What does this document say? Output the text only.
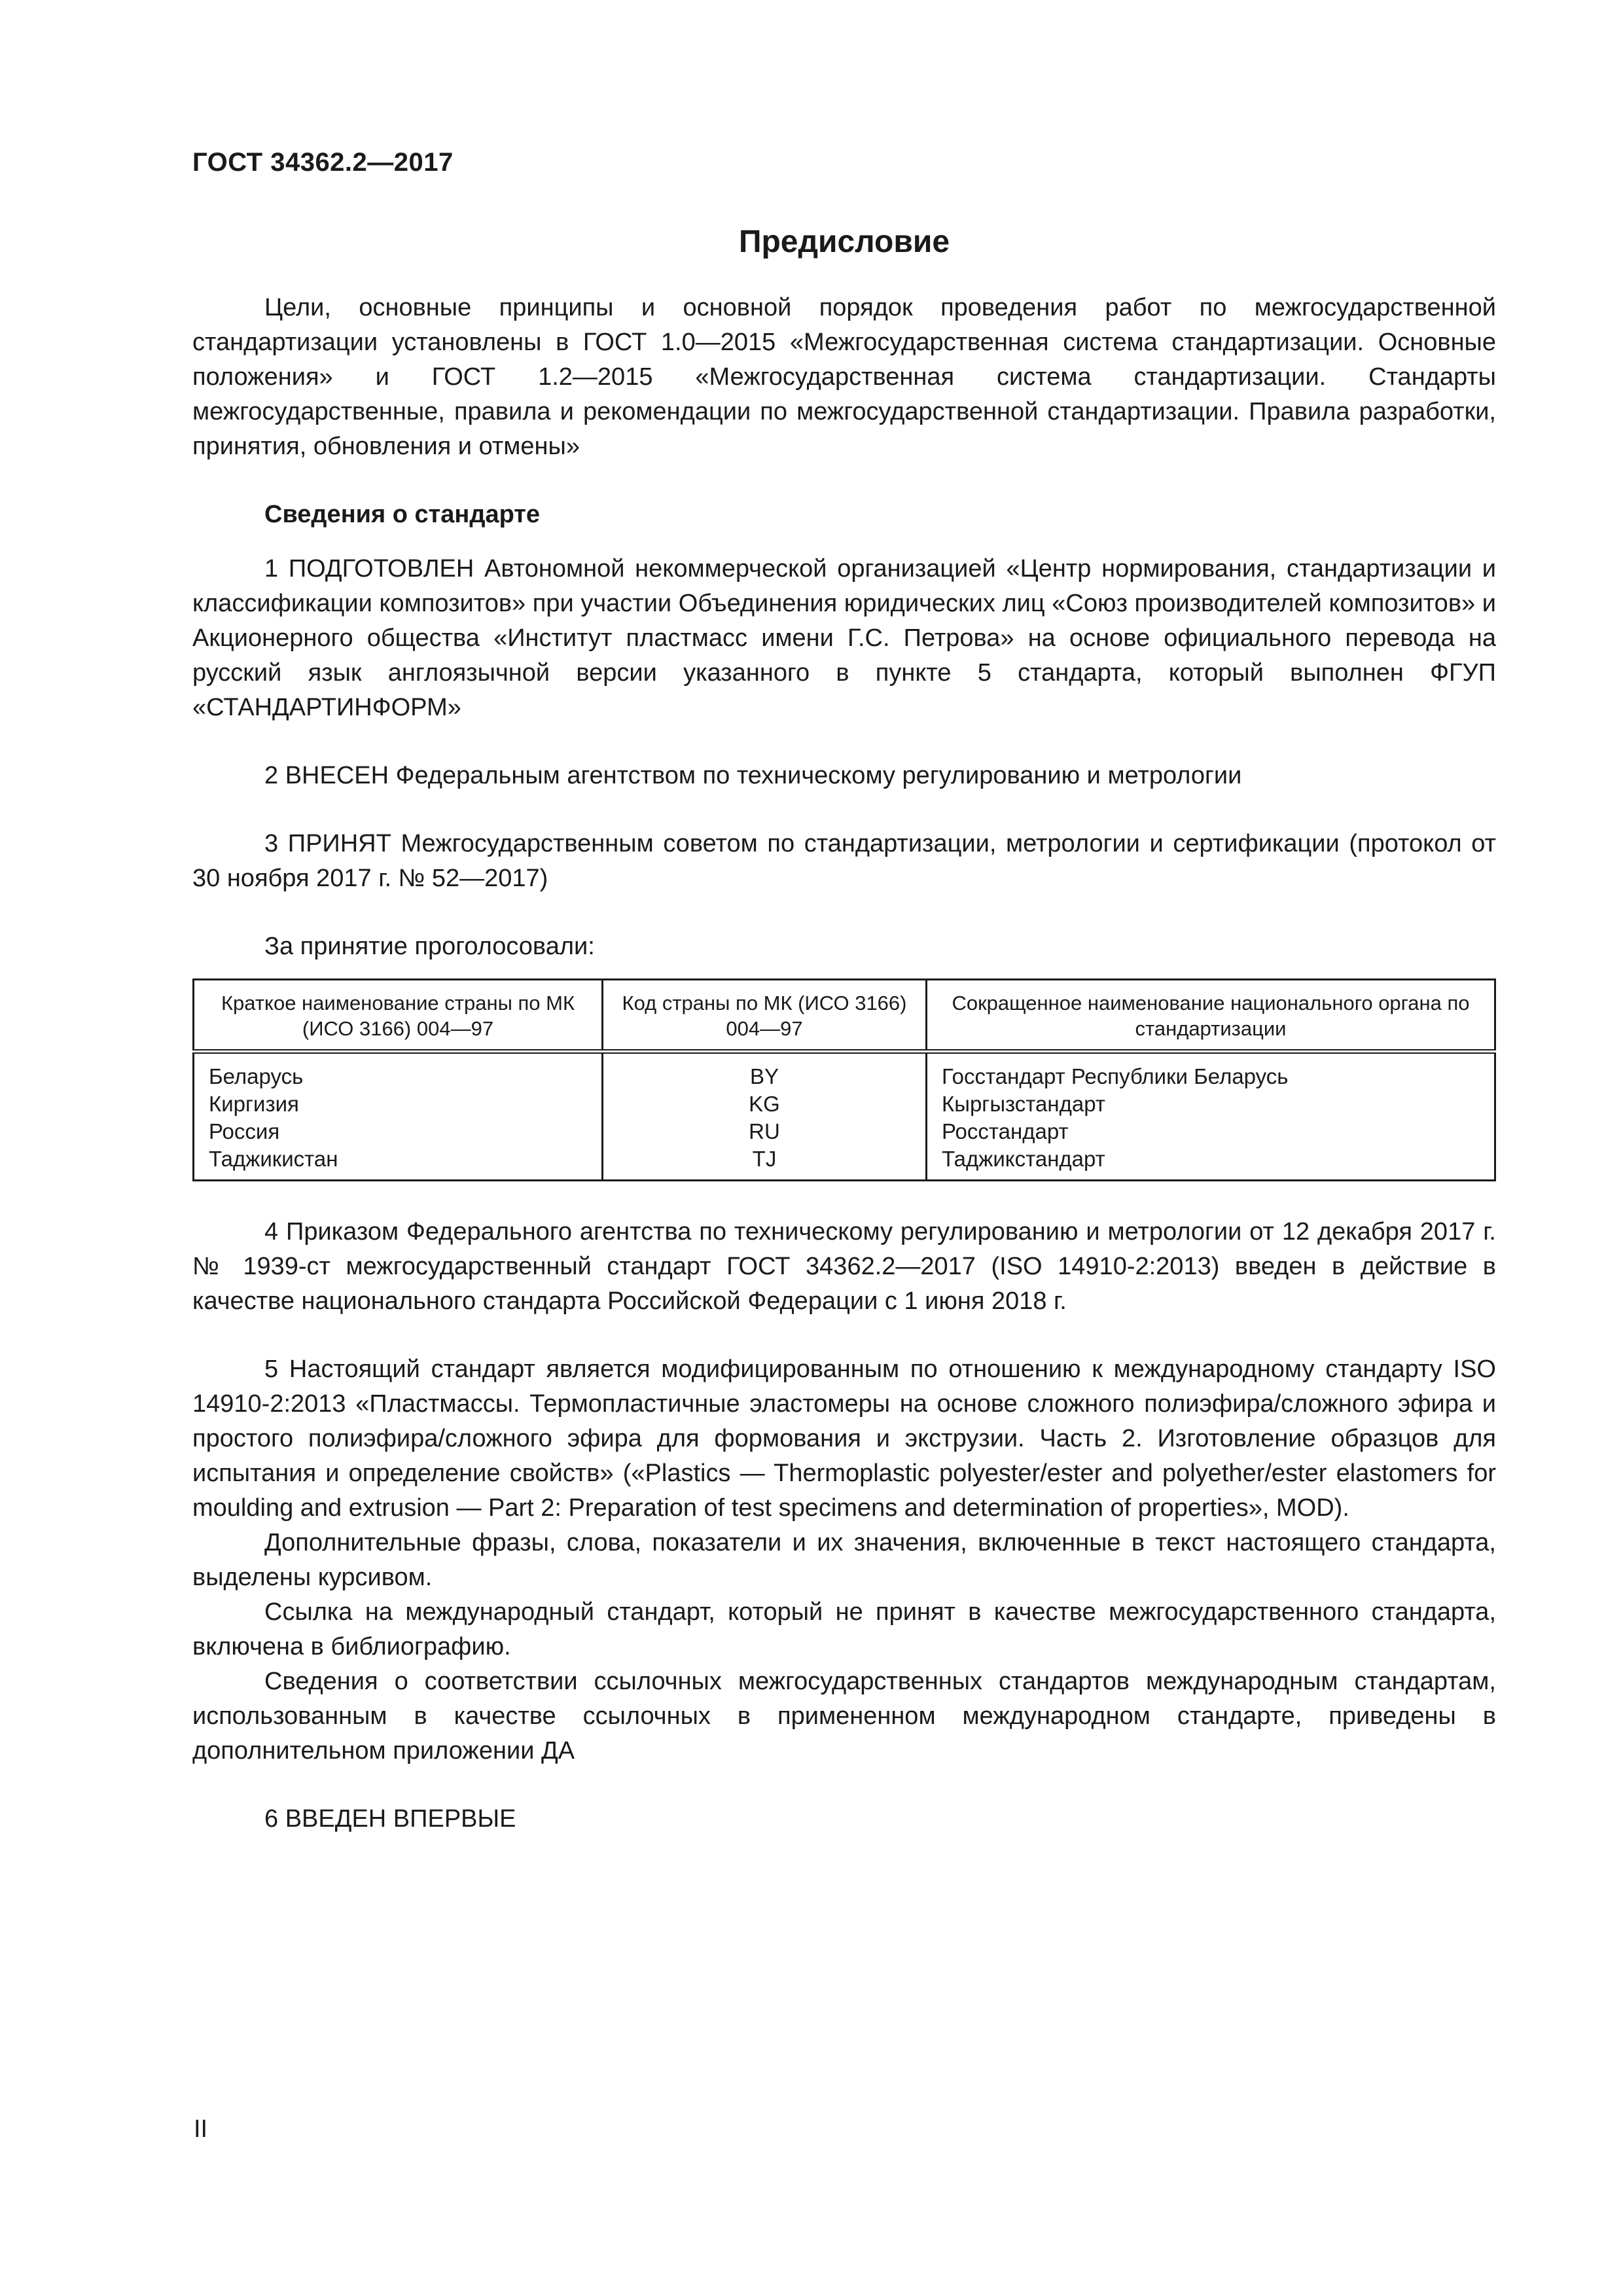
ГОСТ 34362.2—2017
Предисловие

Цели, основные принципы и основной порядок проведения работ по межгосударственной стандартизации установлены в ГОСТ 1.0—2015 «Межгосударственная система стандартизации. Основные положения» и ГОСТ 1.2—2015 «Межгосударственная система стандартизации. Стандарты межгосударственные, правила и рекомендации по межгосударственной стандартизации. Правила разработки, принятия, обновления и отмены»

Сведения о стандарте

1 ПОДГОТОВЛЕН Автономной некоммерческой организацией «Центр нормирования, стандартизации и классификации композитов» при участии Объединения юридических лиц «Союз производителей композитов» и Акционерного общества «Институт пластмасс имени Г.С. Петрова» на основе официального перевода на русский язык англоязычной версии указанного в пункте 5 стандарта, который выполнен ФГУП «СТАНДАРТИНФОРМ»

2 ВНЕСЕН Федеральным агентством по техническому регулированию и метрологии

3 ПРИНЯТ Межгосударственным советом по стандартизации, метрологии и сертификации (протокол от 30 ноября 2017 г. № 52—2017)

За принятие проголосовали:

Краткое наименование страны по МК (ИСО 3166) 004—97	Код страны по МК (ИСО 3166) 004—97	Сокращенное наименование национального органа по стандартизации
Беларусь	BY	Госстандарт Республики Беларусь
Киргизия	KG	Кыргызстандарт
Россия	RU	Росстандарт
Таджикистан	TJ	Таджикстандарт

4 Приказом Федерального агентства по техническому регулированию и метрологии от 12 декабря 2017 г. № 1939-ст межгосударственный стандарт ГОСТ 34362.2—2017 (ISO 14910-2:2013) введен в действие в качестве национального стандарта Российской Федерации с 1 июня 2018 г.

5 Настоящий стандарт является модифицированным по отношению к международному стандарту ISO 14910-2:2013 «Пластмассы. Термопластичные эластомеры на основе сложного полиэфира/сложного эфира и простого полиэфира/сложного эфира для формования и экструзии. Часть 2. Изготовление образцов для испытания и определение свойств» («Plastics — Thermoplastic polyester/ester and polyether/ester elastomers for moulding and extrusion — Part 2: Preparation of test specimens and determination of properties», MOD).

Дополнительные фразы, слова, показатели и их значения, включенные в текст настоящего стандарта, выделены курсивом.

Ссылка на международный стандарт, который не принят в качестве межгосударственного стандарта, включена в библиографию.

Сведения о соответствии ссылочных межгосударственных стандартов международным стандартам, использованным в качестве ссылочных в примененном международном стандарте, приведены в дополнительном приложении ДА

6 ВВЕДЕН ВПЕРВЫЕ

II
